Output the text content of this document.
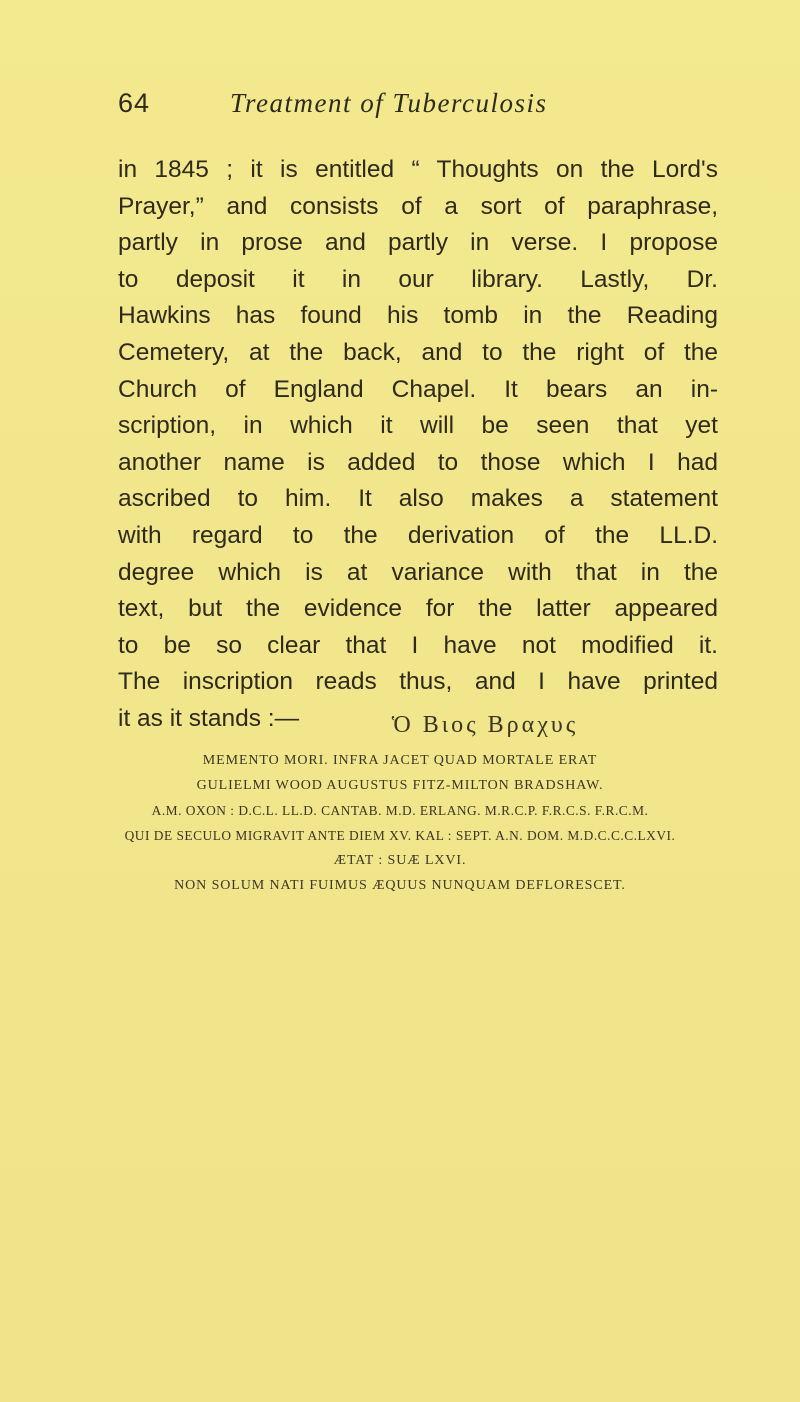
64	Treatment of Tuberculosis
in 1845 ; it is entitled “ Thoughts on the Lord's
Prayer,” and consists of a sort of paraphrase,
partly in prose and partly in verse. I propose
to deposit it in our library. Lastly, Dr.
Hawkins has found his tomb in the Reading
Cemetery, at the back, and to the right of the
Church of England Chapel. It bears an in-
scription, in which it will be seen that yet
another name is added to those which I had
ascribed to him. It also makes a statement
with regard to the derivation of the LL.D.
degree which is at variance with that in the
text, but the evidence for the latter appeared
to be so clear that I have not modified it.
The inscription reads thus, and I have printed
it as it stands :—	Ὁ Βιος Βραχυς
MEMENTO MORI. INFRA JACET QUAD MORTALE ERAT
GULIELMI WOOD AUGUSTUS FITZ-MILTON BRADSHAW.
A.M. OXON : D.C.L. LL.D. CANTAB. M.D. ERLANG. M.R.C.P. F.R.C.S. F.R.C.M.
QUI DE SECULO MIGRAVIT ANTE DIEM XV. KAL : SEPT. A.N. DOM. M.D.C.C.C.LXVI.
ÆTAT : SUÆ LXVI.
NON SOLUM NATI FUIMUS ÆQUUS NUNQUAM DEFLORESCET.
